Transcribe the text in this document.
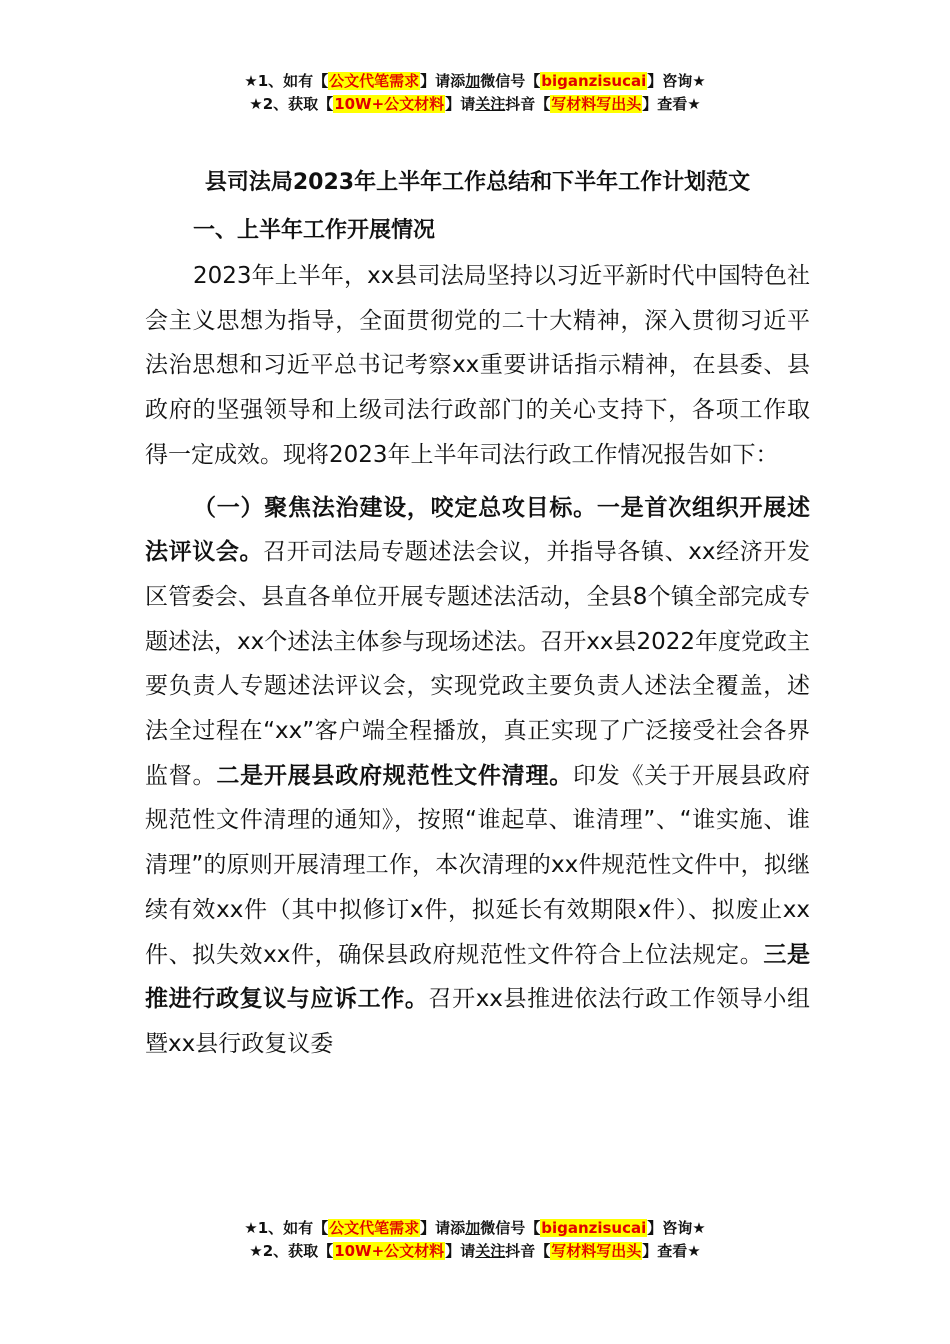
★1、如有【公文代笔需求】请添加微信号【biganzisucai】咨询★
★2、获取【10W+公文材料】请关注抖音【写材料写出头】查看★
县司法局2023年上半年工作总结和下半年工作计划范文
一、上半年工作开展情况

2023年上半年，xx县司法局坚持以习近平新时代中国特色社会主义思想为指导，全面贯彻党的二十大精神，深入贯彻习近平法治思想和习近平总书记考察xx重要讲话指示精神，在县委、县政府的坚强领导和上级司法行政部门的关心支持下，各项工作取得一定成效。现将2023年上半年司法行政工作情况报告如下：

（一）聚焦法治建设，咬定总攻目标。一是首次组织开展述法评议会。召开司法局专题述法会议，并指导各镇、xx经济开发区管委会、县直各单位开展专题述法活动，全县8个镇全部完成专题述法，xx个述法主体参与现场述法。召开xx县2022年度党政主要负责人专题述法评议会，实现党政主要负责人述法全覆盖，述法全过程在“xx”客户端全程播放，真正实现了广泛接受社会各界监督。二是开展县政府规范性文件清理。印发《关于开展县政府规范性文件清理的通知》，按照“谁起草、谁清理”、“谁实施、谁清理”的原则开展清理工作，本次清理的xx件规范性文件中，拟继续有效xx件（其中拟修订x件，拟延长有效期限x件）、拟废止xx件、拟失效xx件，确保县政府规范性文件符合上位法规定。三是推进行政复议与应诉工作。召开xx县推进依法行政工作领导小组暨xx县行政复议委

★1、如有【公文代笔需求】请添加微信号【biganzisucai】咨询★
★2、获取【10W+公文材料】请关注抖音【写材料写出头】查看★
